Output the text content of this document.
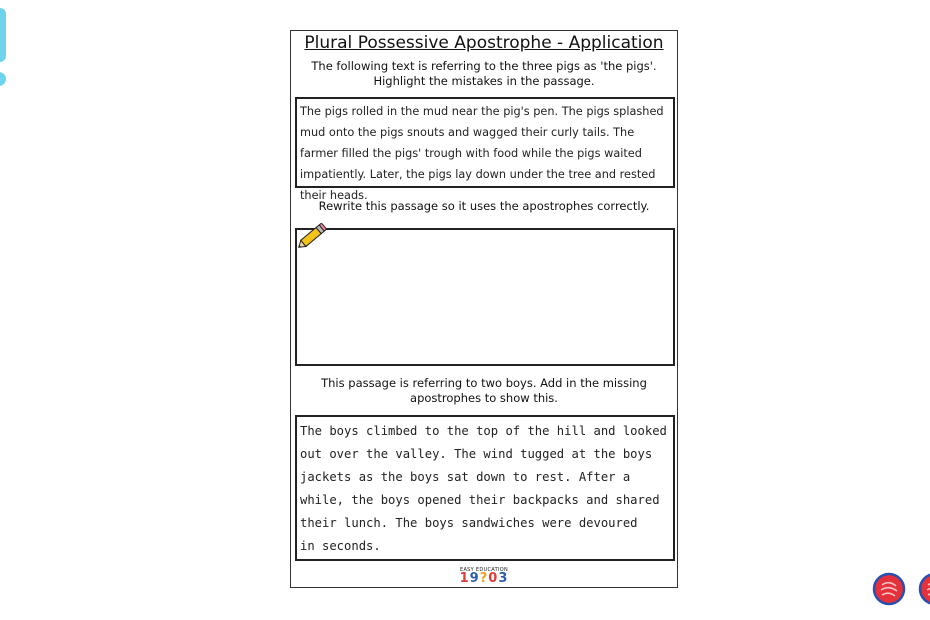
Plural Possessive Apostrophe - Application
The following text is referring to the three pigs as 'the pigs'. Highlight the mistakes in the passage.
The pigs rolled in the mud near the pig's pen. The pigs splashed mud onto the pigs snouts and wagged their curly tails. The farmer filled the pigs' trough with food while the pigs waited impatiently. Later, the pigs lay down under the tree and rested their heads.
Rewrite this passage so it uses the apostrophes correctly.
This passage is referring to two boys. Add in the missing apostrophes to show this.
The boys climbed to the top of the hill and looked
out over the valley. The wind tugged at the boys
jackets as the boys sat down to rest. After a
while, the boys opened their backpacks and shared
their lunch. The boys sandwiches were devoured
in seconds.
EASY EDUCATION
19?03
